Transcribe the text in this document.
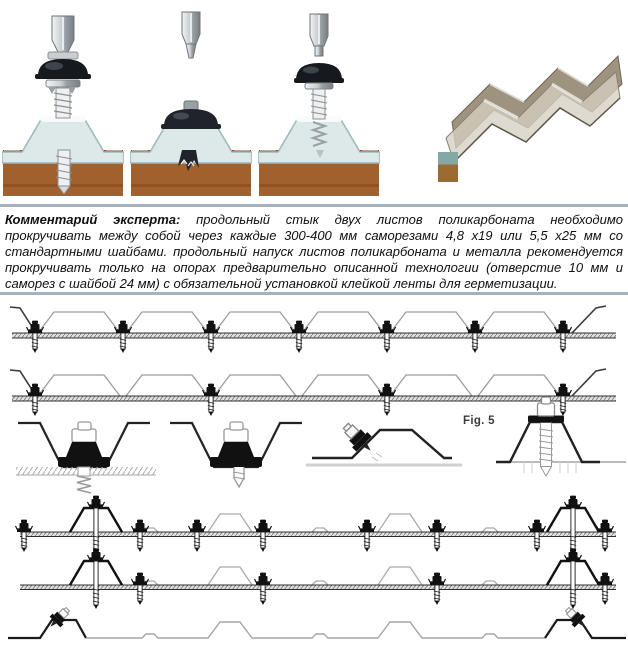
Комментарий эксперта: продольный стык двух листов поликарбоната необходимо прокручивать между собой через каждые 300-400 мм саморезами 4,8 х19 или 5,5 х25 мм со стандартными шайбами. продольный напуск листов поликарбоната и металла рекомендуется прокручивать только на опорах предварительно описанной технологии (отверстие 10 мм и саморез с шайбой 24 мм) с обязательной установкой клейкой ленты для герметизации.

Fig. 5
